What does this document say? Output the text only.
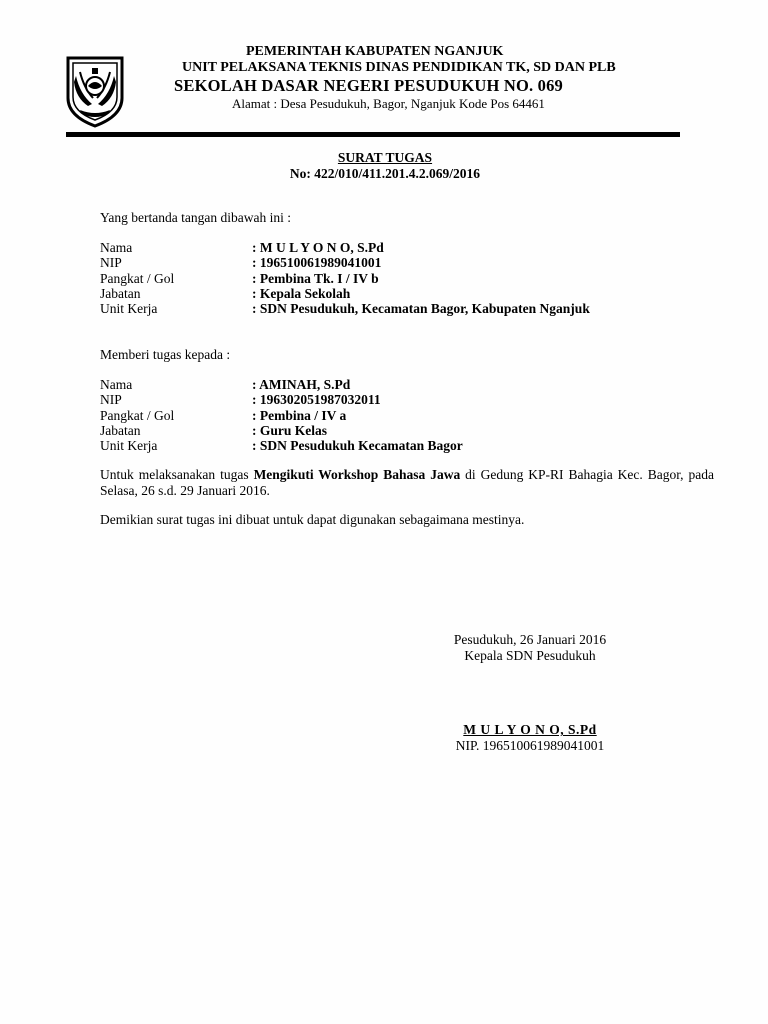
PEMERINTAH KABUPATEN NGANJUK
UNIT PELAKSANA TEKNIS DINAS PENDIDIKAN TK, SD DAN PLB
SEKOLAH DASAR NEGERI PESUDUKUH NO. 069
Alamat : Desa Pesudukuh, Bagor, Nganjuk Kode Pos 64461
SURAT TUGAS
No: 422/010/411.201.4.2.069/2016
Yang bertanda tangan dibawah ini :
Nama	: M U L Y O N O, S.Pd
NIP	: 196510061989041001
Pangkat / Gol	: Pembina Tk. I / IV b
Jabatan	: Kepala Sekolah
Unit Kerja	: SDN Pesudukuh, Kecamatan Bagor, Kabupaten Nganjuk
Memberi tugas kepada :
Nama	: AMINAH, S.Pd
NIP	: 196302051987032011
Pangkat / Gol	: Pembina / IV a
Jabatan	: Guru Kelas
Unit Kerja	: SDN Pesudukuh Kecamatan Bagor
Untuk melaksanakan tugas Mengikuti Workshop Bahasa Jawa di Gedung KP-RI Bahagia Kec. Bagor, pada Selasa, 26 s.d. 29 Januari 2016.
Demikian surat tugas ini dibuat untuk dapat digunakan sebagaimana mestinya.
Pesudukuh, 26 Januari 2016
Kepala SDN Pesudukuh
M U L Y O N O, S.Pd
NIP. 196510061989041001
